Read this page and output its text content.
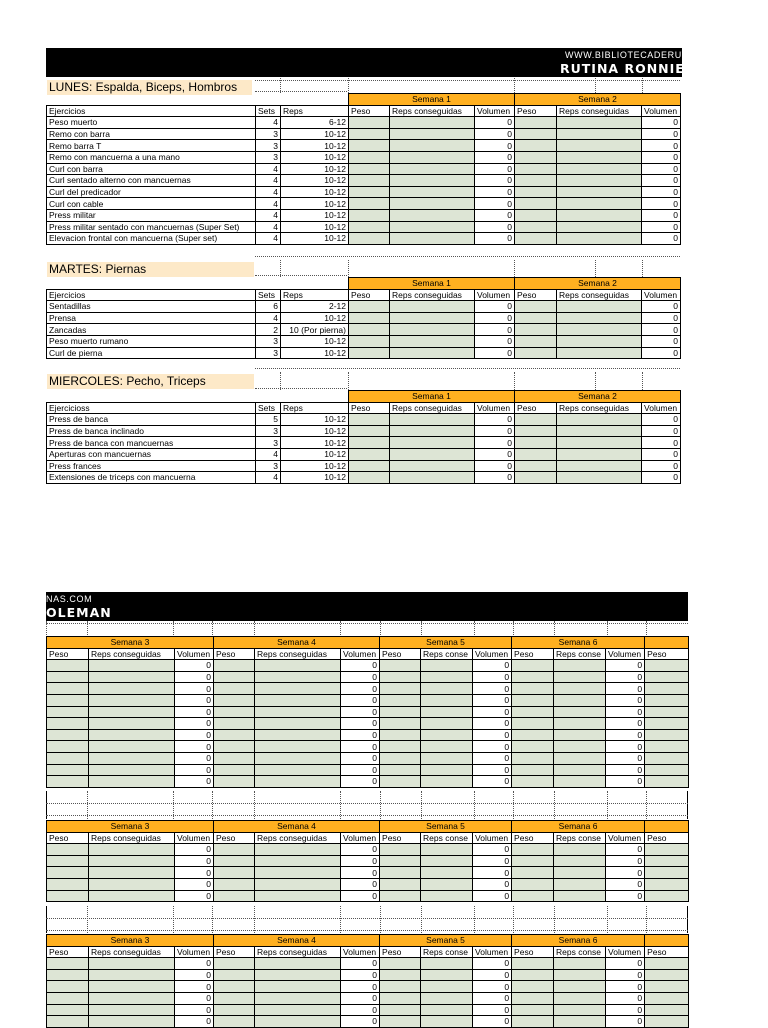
WWW.BIBLIOTECADERUTI
RUTINA RONNIE CO
LUNES: Espalda, Biceps, Hombros
			Semana 1			Semana 2		
Ejercicios	Sets	Reps	Peso	Reps conseguidas	Volumen	Peso	Reps conseguidas	Volumen
Peso muerto	4	6-12			0			0
Remo con barra	3	10-12			0			0
Remo barra T	3	10-12			0			0
Remo con mancuerna a una mano	3	10-12			0			0
Curl con barra	4	10-12			0			0
Curl sentado alterno con mancuernas	4	10-12			0			0
Curl del predicador	4	10-12			0			0
Curl con cable	4	10-12			0			0
Press militar	4	10-12			0			0
Press militar sentado con mancuernas (Super Set)	4	10-12			0			0
Elevacion frontal con mancuerna (Super set)	4	10-12			0			0
MARTES: Piernas
			Semana 1			Semana 2		
Ejercicios	Sets	Reps	Peso	Reps conseguidas	Volumen	Peso	Reps conseguidas	Volumen
Sentadillas	6	2-12			0			0
Prensa	4	10-12			0			0
Zancadas	2	10 (Por pierna)			0			0
Peso muerto rumano	3	10-12			0			0
Curl de pierna	3	10-12			0			0
MIERCOLES: Pecho, Triceps
			Semana 1			Semana 2		
Ejercicioss	Sets	Reps	Peso	Reps conseguidas	Volumen	Peso	Reps conseguidas	Volumen
Press de banca	5	10-12			0			0
Press de banca inclinado	3	10-12			0			0
Press de banca con mancuernas	3	10-12			0			0
Aperturas con mancuernas	4	10-12			0			0
Press frances	3	10-12			0			0
Extensiones de triceps con mancuerna	4	10-12			0			0
NAS.COM
OLEMAN
Semana 3			Semana 4			Semana 5			Semana 6			
Peso	Reps conseguidas	Volumen	Peso	Reps conseguidas	Volumen	Peso	Reps conse	Volumen	Peso	Reps conse	Volumen	Peso
		0			0			0			0	
		0			0			0			0	
		0			0			0			0	
		0			0			0			0	
		0			0			0			0	
		0			0			0			0	
		0			0			0			0	
		0			0			0			0	
		0			0			0			0	
		0			0			0			0	
		0			0			0			0	
Semana 3			Semana 4			Semana 5			Semana 6			
Peso	Reps conseguidas	Volumen	Peso	Reps conseguidas	Volumen	Peso	Reps conse	Volumen	Peso	Reps conse	Volumen	Peso
		0			0			0			0	
		0			0			0			0	
		0			0			0			0	
		0			0			0			0	
		0			0			0			0	
Semana 3			Semana 4			Semana 5			Semana 6			
Peso	Reps conseguidas	Volumen	Peso	Reps conseguidas	Volumen	Peso	Reps conse	Volumen	Peso	Reps conse	Volumen	Peso
		0			0			0			0	
		0			0			0			0	
		0			0			0			0	
		0			0			0			0	
		0			0			0			0	
		0			0			0			0	
